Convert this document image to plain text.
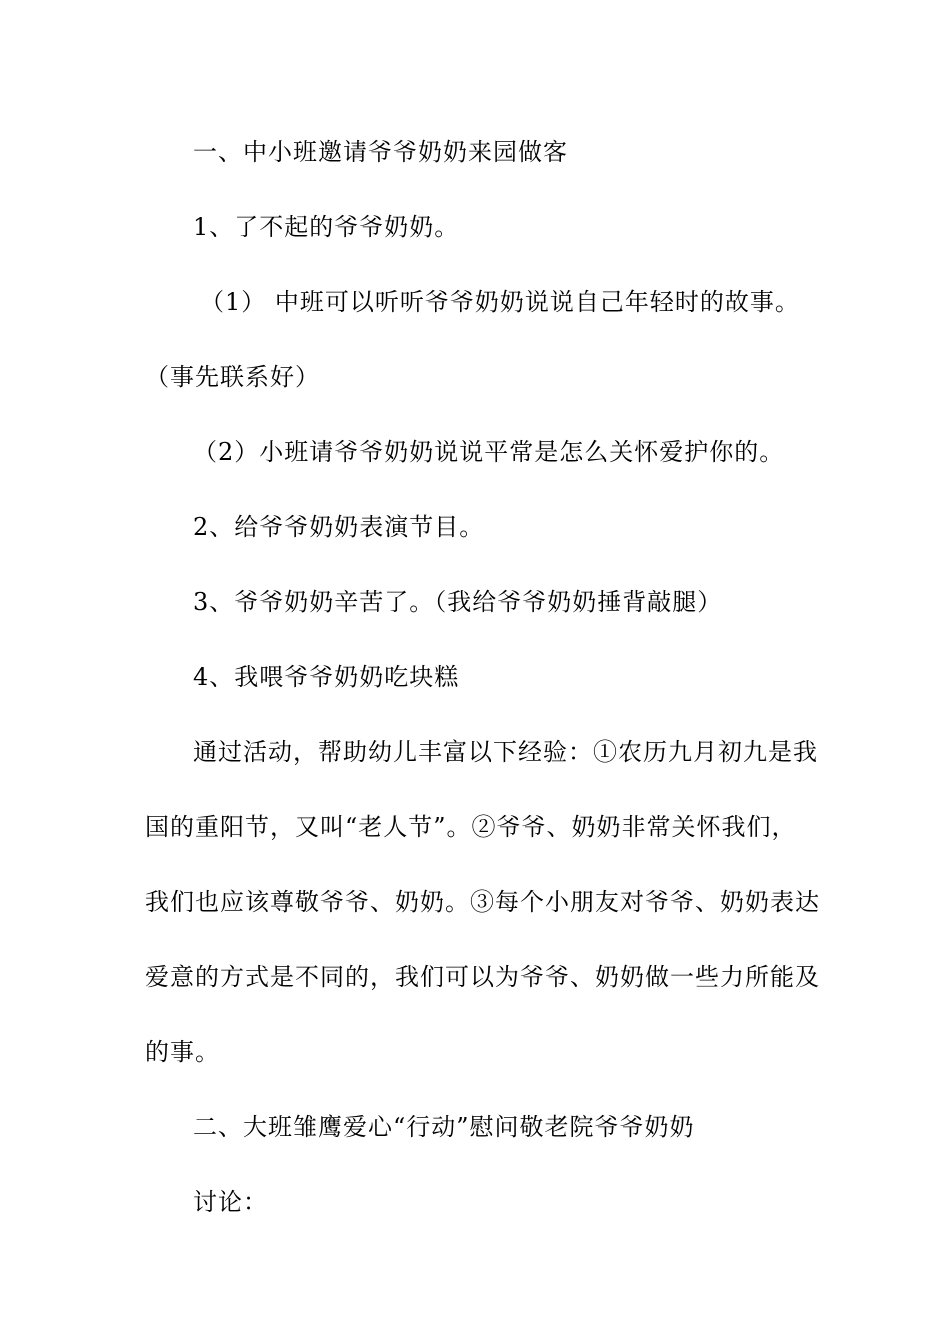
一、中小班邀请爷爷奶奶来园做客
1、了不起的爷爷奶奶。
（1） 中班可以听听爷爷奶奶说说自己年轻时的故事。
（事先联系好）
（2）小班请爷爷奶奶说说平常是怎么关怀爱护你的。
2、给爷爷奶奶表演节目。
3、爷爷奶奶辛苦了。（我给爷爷奶奶捶背敲腿）
4、我喂爷爷奶奶吃块糕
通过活动，帮助幼儿丰富以下经验：①农历九月初九是我
国的重阳节，又叫“老人节”。②爷爷、奶奶非常关怀我们，
我们也应该尊敬爷爷、奶奶。③每个小朋友对爷爷、奶奶表达
爱意的方式是不同的，我们可以为爷爷、奶奶做一些力所能及
的事。
二、大班雏鹰爱心“行动”慰问敬老院爷爷奶奶
讨论：
